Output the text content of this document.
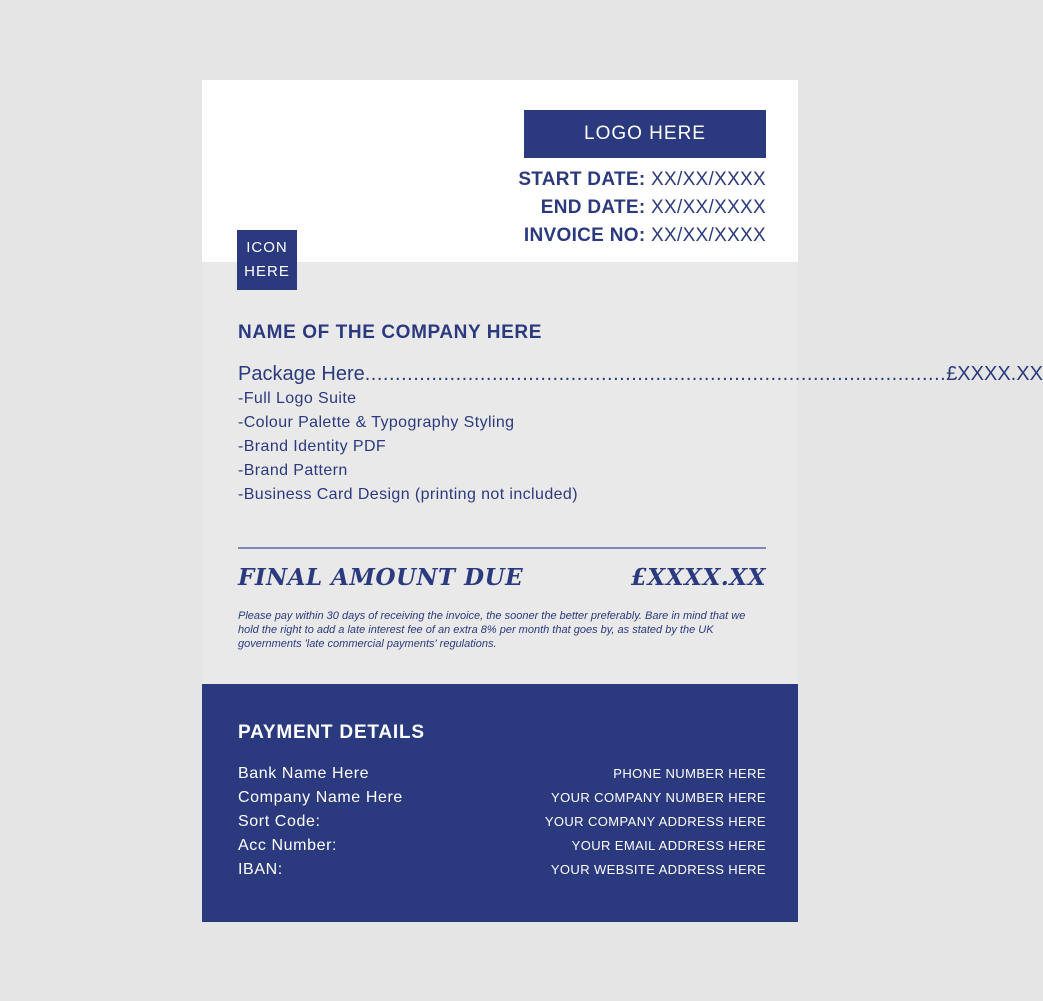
LOGO HERE
START DATE: XX/XX/XXXX
END DATE: XX/XX/XXXX
INVOICE NO: XX/XX/XXXX
ICON
HERE
NAME OF THE COMPANY HERE
Package Here ................................................................................................ £XXXX.XX
-Full Logo Suite
-Colour Palette & Typography Styling
-Brand Identity PDF
-Brand Pattern
-Business Card Design (printing not included)
FINAL AMOUNT DUE	£XXXX.XX
Please pay within 30 days of receiving the invoice, the sooner the better preferably. Bare in mind that we hold the right to add a late interest fee of an extra 8% per month that goes by, as stated by the UK governments 'late commercial payments' regulations.
PAYMENT DETAILS
Bank Name Here
Company Name Here
Sort Code:
Acc Number:
IBAN:
PHONE NUMBER HERE
YOUR COMPANY NUMBER HERE
YOUR COMPANY ADDRESS HERE
YOUR EMAIL ADDRESS HERE
YOUR WEBSITE ADDRESS HERE
